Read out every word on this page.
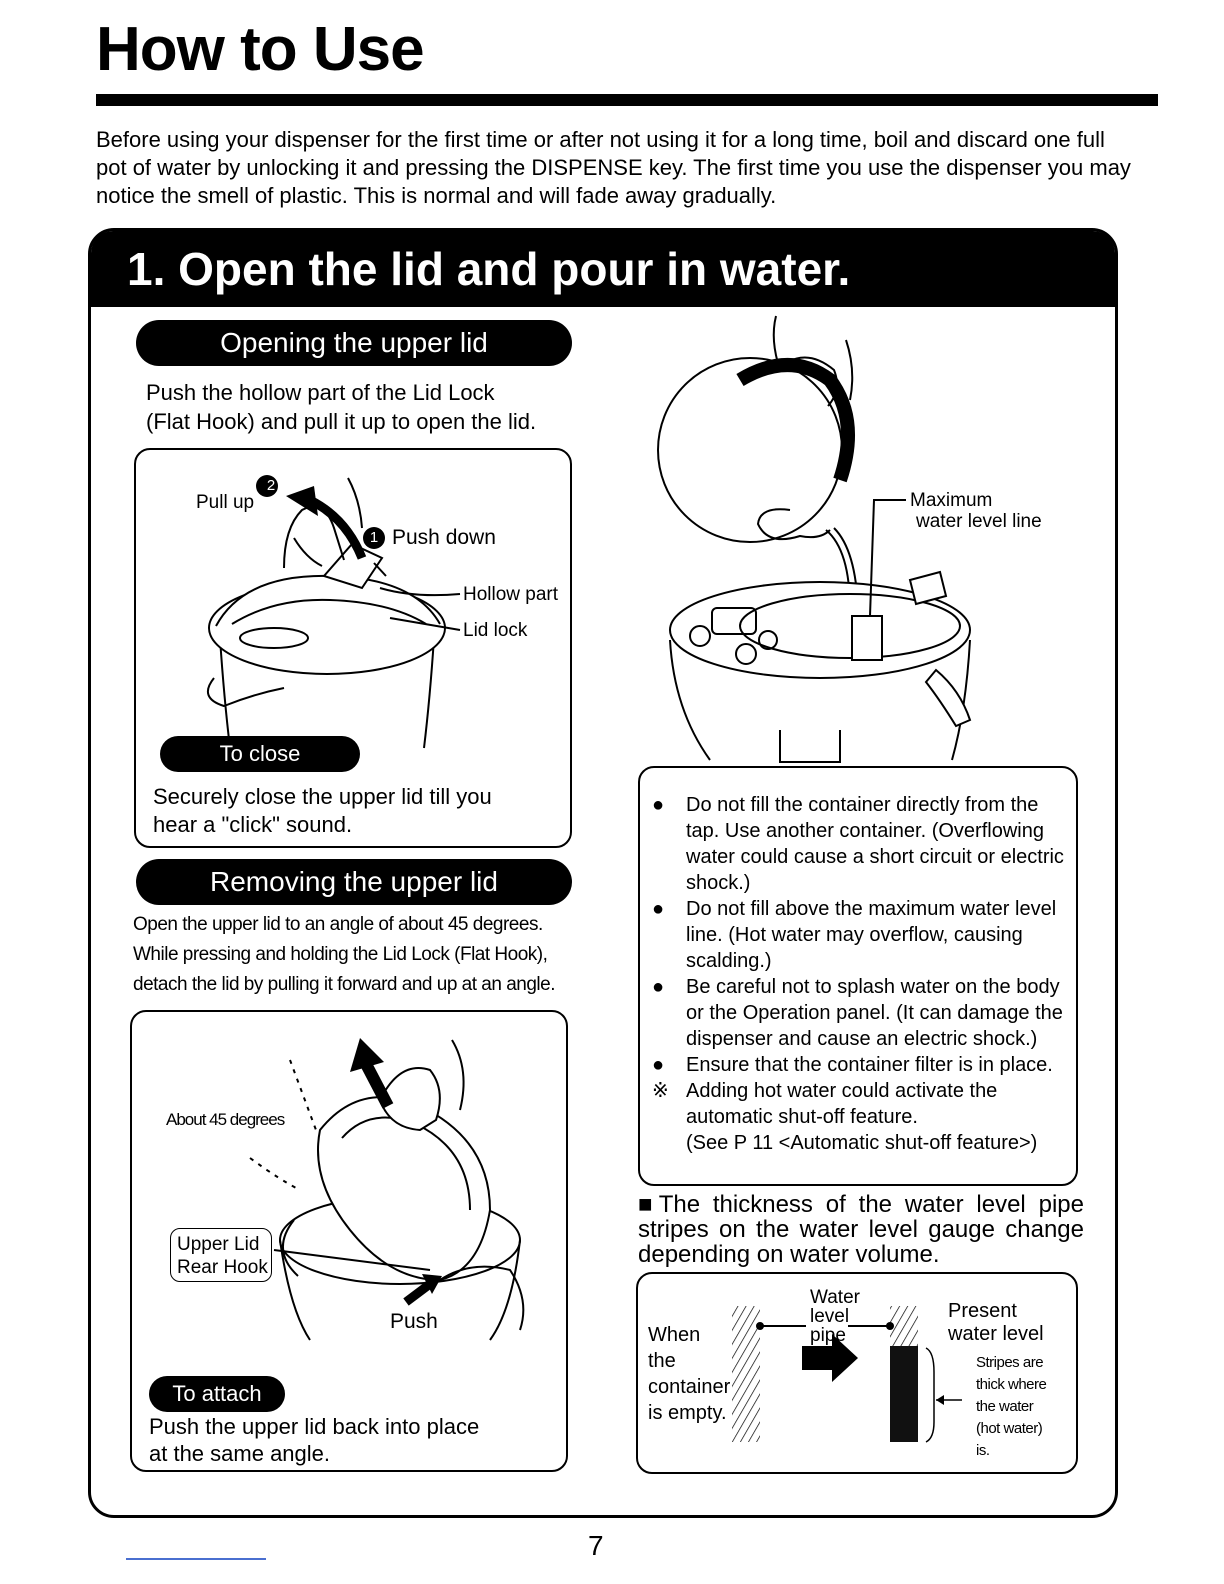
How to Use
Before using your dispenser for the first time or after not using it for a long time, boil and discard one full pot of water by unlocking it and pressing the DISPENSE key. The first time you use the dispenser you may notice the smell of plastic. This is normal and will fade away gradually.
1. Open the lid and pour in water.
Opening the upper lid
Push the hollow part of the Lid Lock
(Flat Hook) and pull it up to open the lid.
2
1
Pull up
Push down
Hollow part
Lid lock
To close
Securely close the upper lid till you
hear a "click" sound.
Removing the upper lid
Open the upper lid to an angle of about 45 degrees.
While pressing and holding the Lid Lock (Flat Hook),
detach the lid by pulling it forward and up at an angle.
About 45 degrees
Upper Lid
Rear Hook
Push
To attach
Push the upper lid back into place
at the same angle.
Maximum
water level line
● Do not fill the container directly from the
tap. Use another container. (Overflowing
water could cause a short circuit or electric
shock.)
● Do not fill above the maximum water level
line. (Hot water may overflow, causing
scalding.)
● Be careful not to splash water on the body
or the Operation panel. (It can damage the
dispenser and cause an electric shock.)
● Ensure that the container filter is in place.
※ Adding hot water could activate the
automatic shut-off feature.
(See P 11 <Automatic shut-off feature>)
■The thickness of the water level pipe stripes on the water level gauge change depending on water volume.
When
the
container
is empty.
Water
level
pipe
Present
water level
Stripes are
thick where
the water
(hot water)
is.
7
